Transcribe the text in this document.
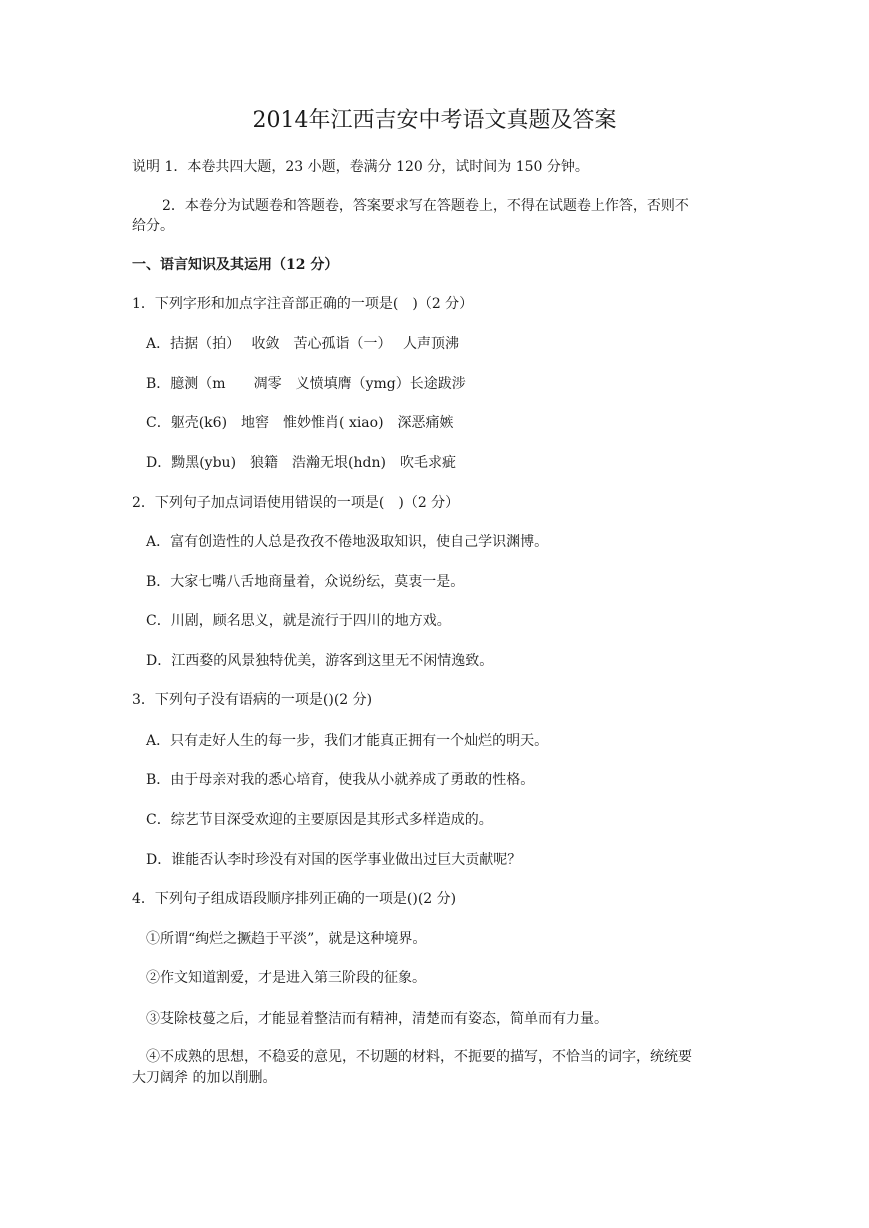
2014年江西吉安中考语文真题及答案
说明 1．本卷共四大题，23 小题，卷满分 120 分，试时间为 150 分钟。
2．本卷分为试题卷和答题卷，答案要求写在答题卷上，不得在试题卷上作答，否则不
给分。
一、语言知识及其运用（12 分）
1．下列字形和加点字注音部正确的一项是(　)（2 分）
A．拮据（拍）　 收敛　苦心孤诣（一）　 人声顶沸
B．臆测（m　　凋零　义愤填膺（ymg）长途跋涉
C．躯壳(k6)　地窖　惟妙惟肖( xiao)　深恶痛嫉
D．黝黑(ybu)　狼籍　浩瀚无垠(hdn)　吹毛求疵
2．下列句子加点词语使用错误的一项是(　)（2 分）
A．富有创造性的人总是孜孜不倦地汲取知识，使自己学识渊博。
B．大家七嘴八舌地商量着，众说纷纭，莫衷一是。
C．川剧，顾名思义，就是流行于四川的地方戏。
D．江西婺的风景独特优美，游客到这里无不闲情逸致。
3．下列句子没有语病的一项是()(2 分)
A．只有走好人生的每一步，我们才能真正拥有一个灿烂的明天。
B．由于母亲对我的悉心培育，使我从小就养成了勇敢的性格。
C．综艺节目深受欢迎的主要原因是其形式多样造成的。
D．谁能否认李时珍没有对国的医学事业做出过巨大贡献呢？
4．下列句子组成语段顺序排列正确的一项是()(2 分)
①所谓“绚烂之撅趋于平淡”，就是这种境界。
②作文知道割爱，才是进入第三阶段的征象。
③芟除枝蔓之后，才能显着整洁而有精神，清楚而有姿态，简单而有力量。
④不成熟的思想，不稳妥的意见，不切题的材料，不扼要的描写，不恰当的词字，统统要
大刀阔斧 的加以削删。
